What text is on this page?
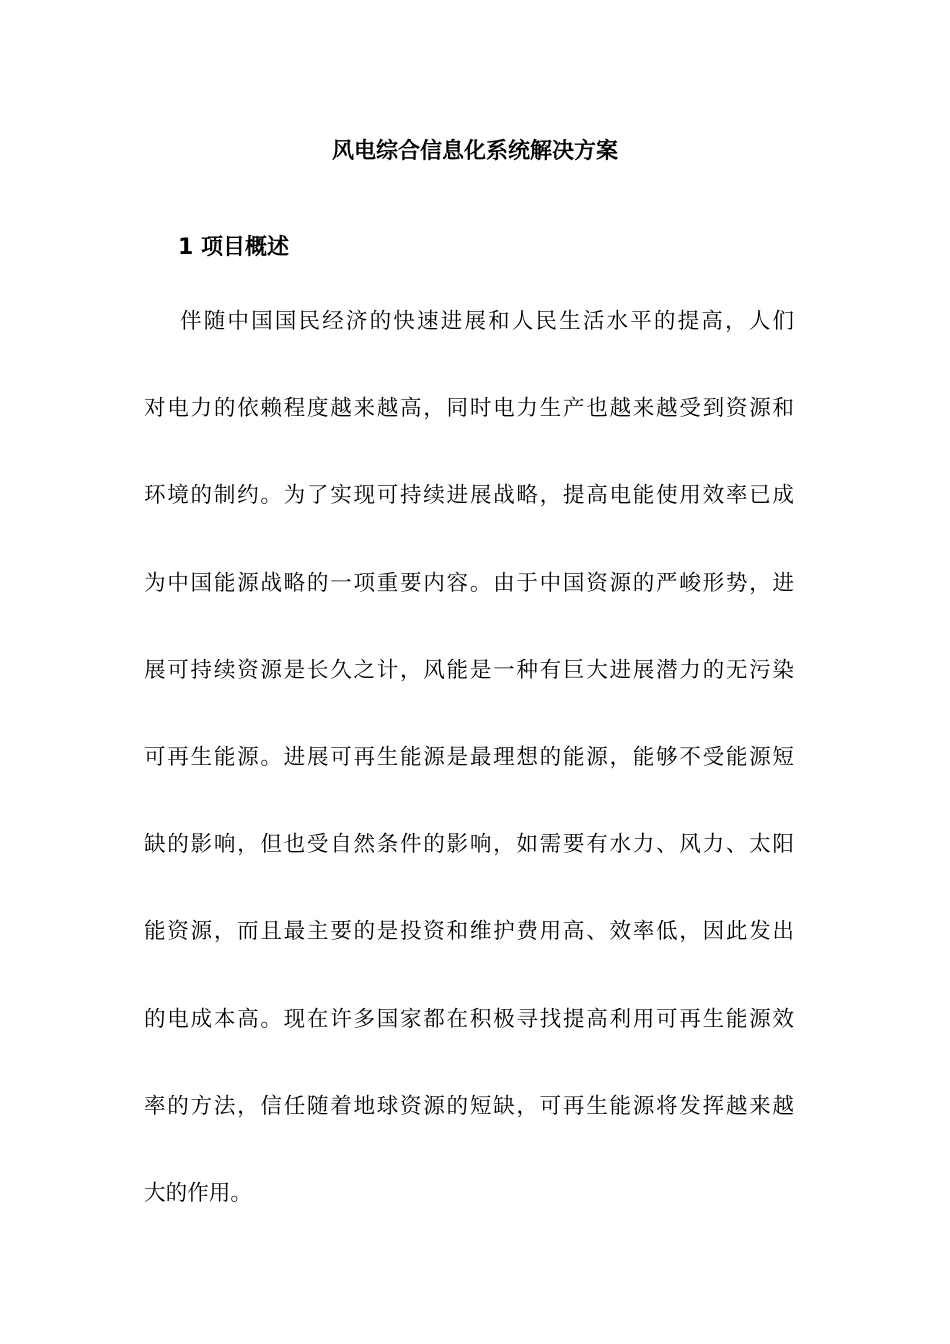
风电综合信息化系统解决方案
1 项目概述

伴随中国国民经济的快速进展和人民生活水平的提高，人们
对电力的依赖程度越来越高，同时电力生产也越来越受到资源和
环境的制约。为了实现可持续进展战略，提高电能使用效率已成
为中国能源战略的一项重要内容。由于中国资源的严峻形势，进
展可持续资源是长久之计，风能是一种有巨大进展潜力的无污染
可再生能源。进展可再生能源是最理想的能源，能够不受能源短
缺的影响，但也受自然条件的影响，如需要有水力、风力、太阳
能资源，而且最主要的是投资和维护费用高、效率低，因此发出
的电成本高。现在许多国家都在积极寻找提高利用可再生能源效
率的方法，信任随着地球资源的短缺，可再生能源将发挥越来越
大的作用。
